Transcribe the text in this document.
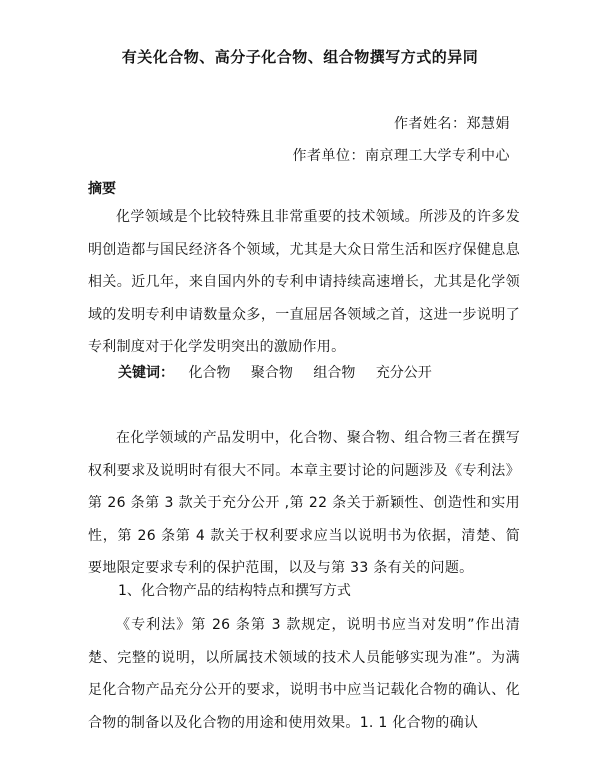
有关化合物、高分子化合物、组合物撰写方式的异同
作者姓名：郑慧娟
作者单位：南京理工大学专利中心
摘要

化学领域是个比较特殊且非常重要的技术领域。所涉及的许多发明创造都与国民经济各个领域，尤其是大众日常生活和医疗保健息息相关。近几年，来自国内外的专利申请持续高速增长，尤其是化学领域的发明专利申请数量众多，一直屈居各领域之首，这进一步说明了专利制度对于化学发明突出的激励作用。

关键词： 化合物 聚合物 组合物 充分公开

在化学领域的产品发明中，化合物、聚合物、组合物三者在撰写权利要求及说明时有很大不同。本章主要讨论的问题涉及《专利法》第 26 条第 3 款关于充分公开 ,第 22 条关于新颖性、创造性和实用性，第 26 条第 4 款关于权利要求应当以说明书为依据，清楚、简要地限定要求专利的保护范围，以及与第 33 条有关的问题。

1、化合物产品的结构特点和撰写方式

《专利法》第 26 条第 3 款规定，说明书应当对发明”作出清楚、完整的说明，以所属技术领域的技术人员能够实现为准”。为满足化合物产品充分公开的要求，说明书中应当记载化合物的确认、化合物的制备以及化合物的用途和使用效果。1. 1 化合物的确认
